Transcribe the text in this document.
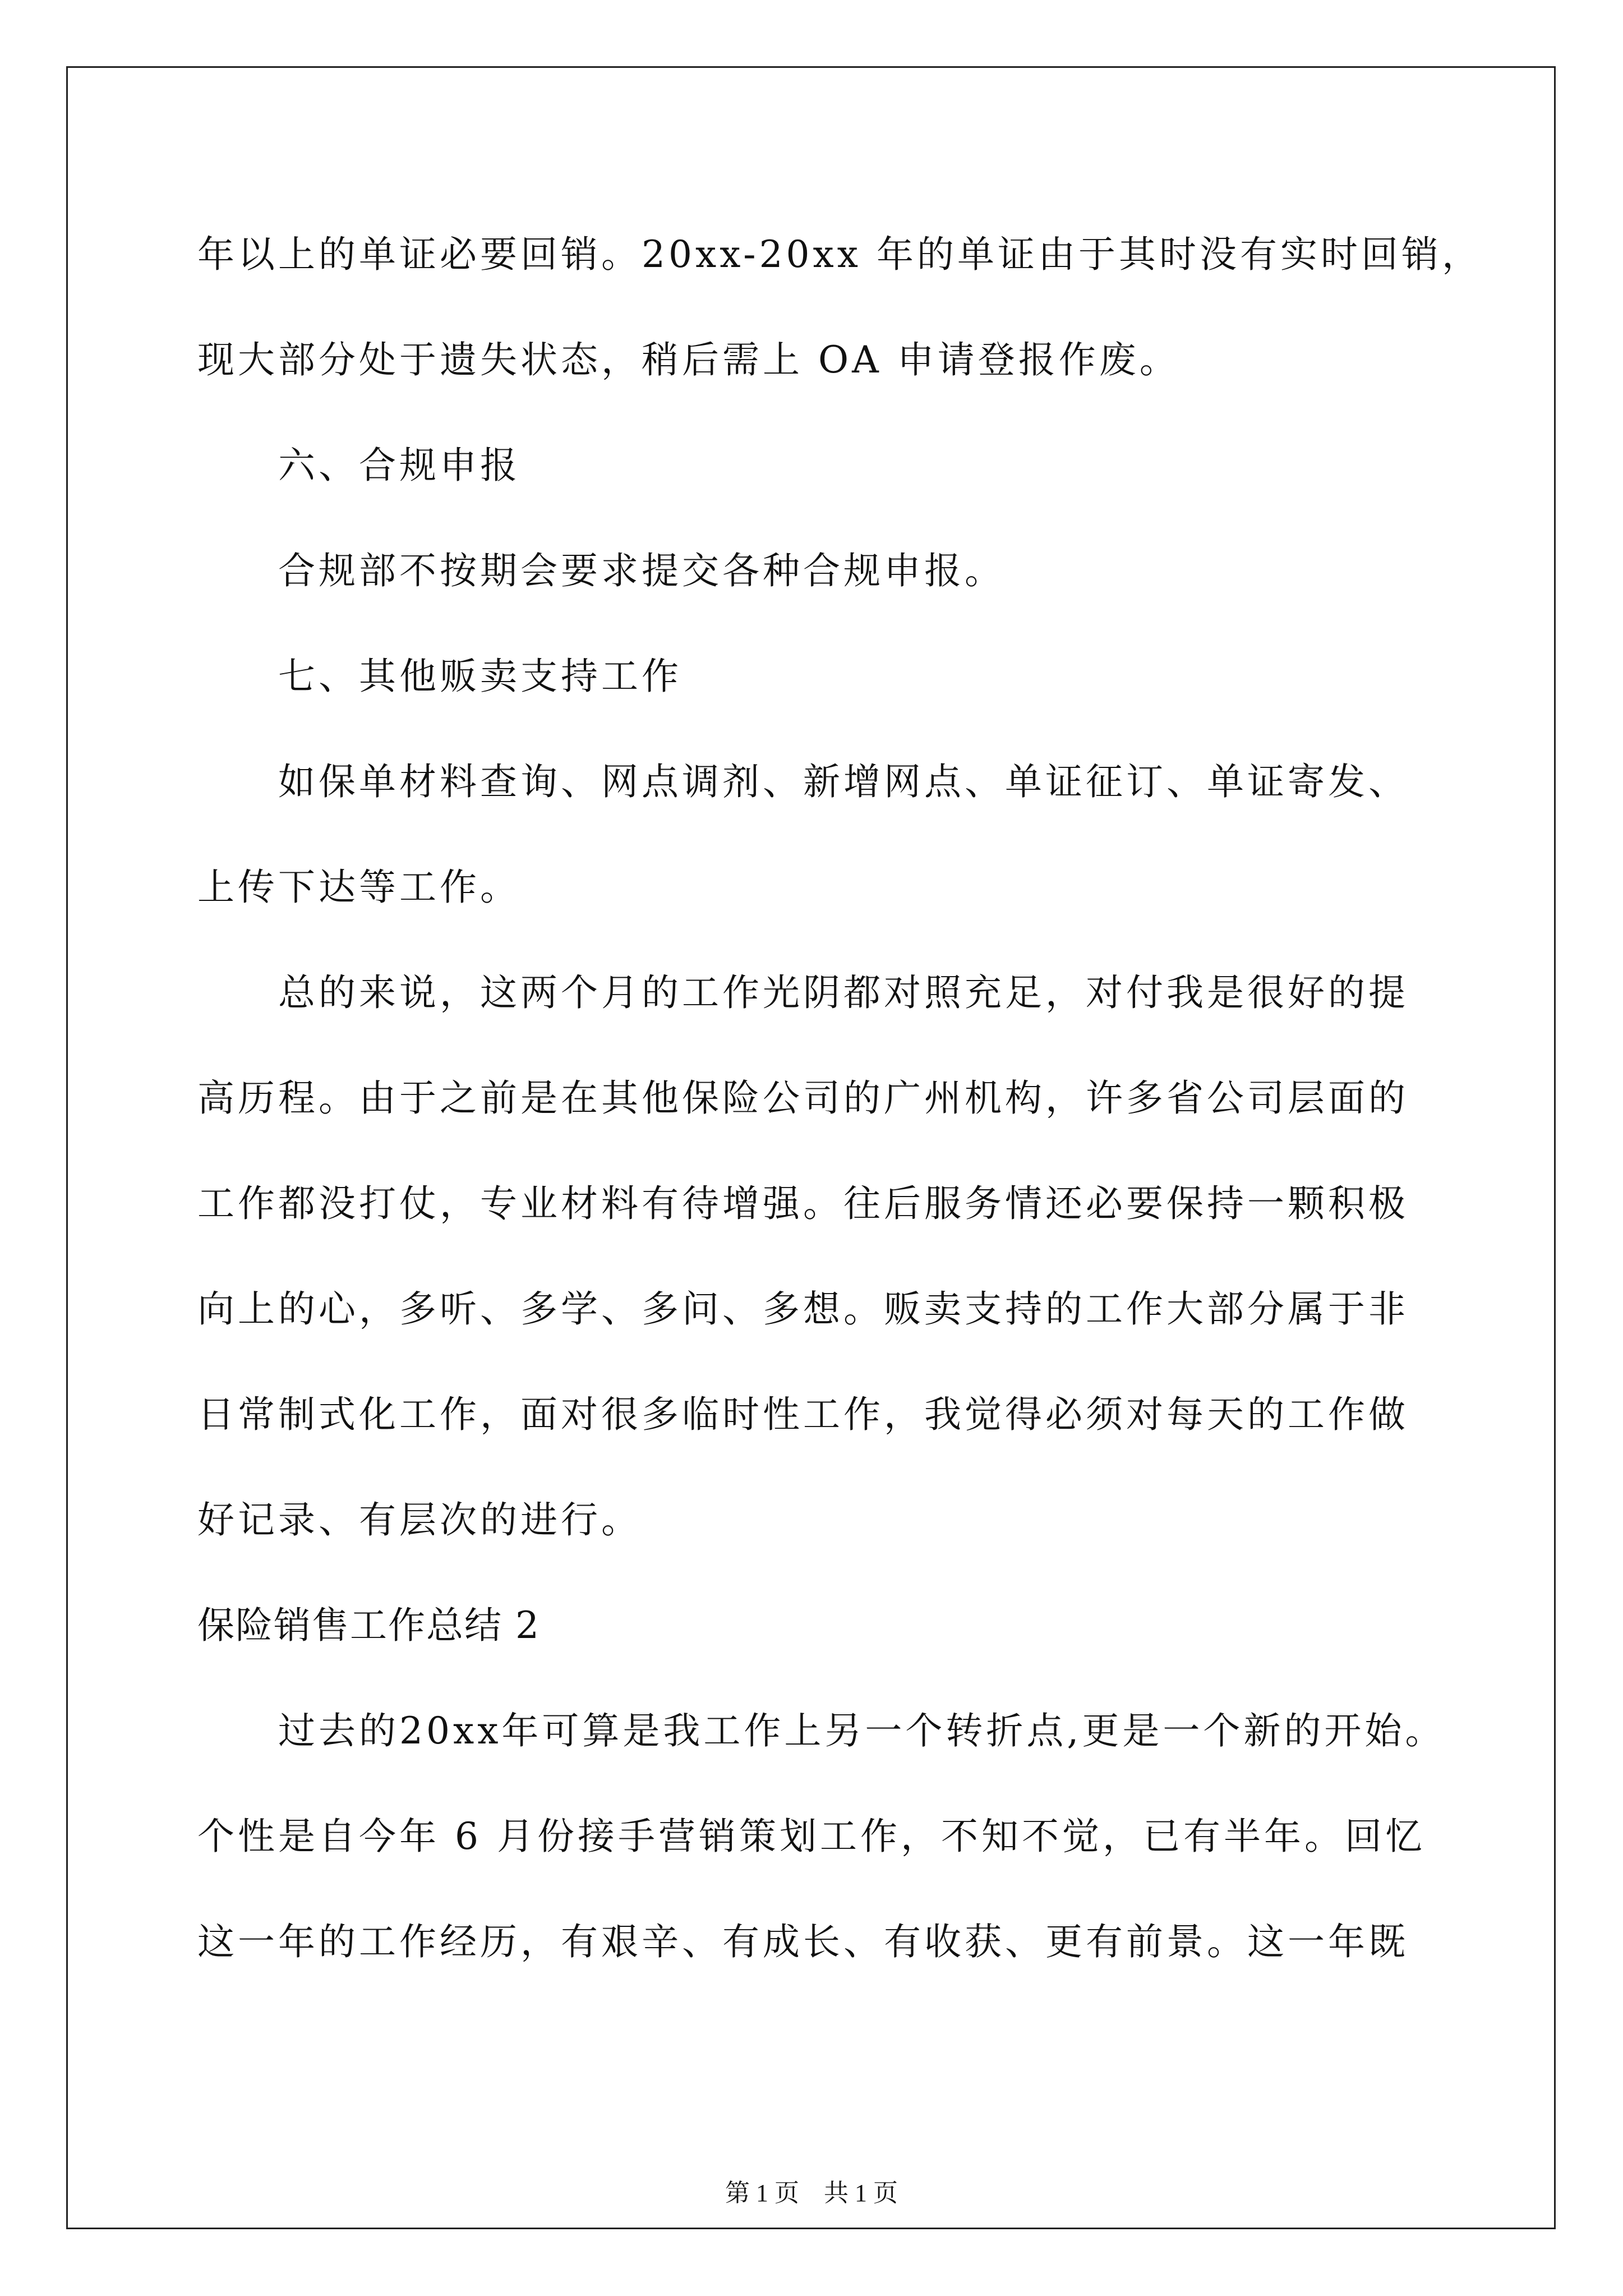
年以上的单证必要回销。20xx-20xx 年的单证由于其时没有实时回销，
现大部分处于遗失状态，稍后需上 OA 申请登报作废。
六、合规申报
合规部不按期会要求提交各种合规申报。
七、其他贩卖支持工作
如保单材料查询、网点调剂、新增网点、单证征订、单证寄发、
上传下达等工作。
总的来说，这两个月的工作光阴都对照充足，对付我是很好的提
高历程。由于之前是在其他保险公司的广州机构，许多省公司层面的
工作都没打仗，专业材料有待增强。往后服务情还必要保持一颗积极
向上的心，多听、多学、多问、多想。贩卖支持的工作大部分属于非
日常制式化工作，面对很多临时性工作，我觉得必须对每天的工作做
好记录、有层次的进行。
保险销售工作总结 2
过去的20xx年可算是我工作上另一个转折点,更是一个新的开始。
个性是自今年 6 月份接手营销策划工作，不知不觉，已有半年。回忆
这一年的工作经历，有艰辛、有成长、有收获、更有前景。这一年既
第 1 页　共 1 页
